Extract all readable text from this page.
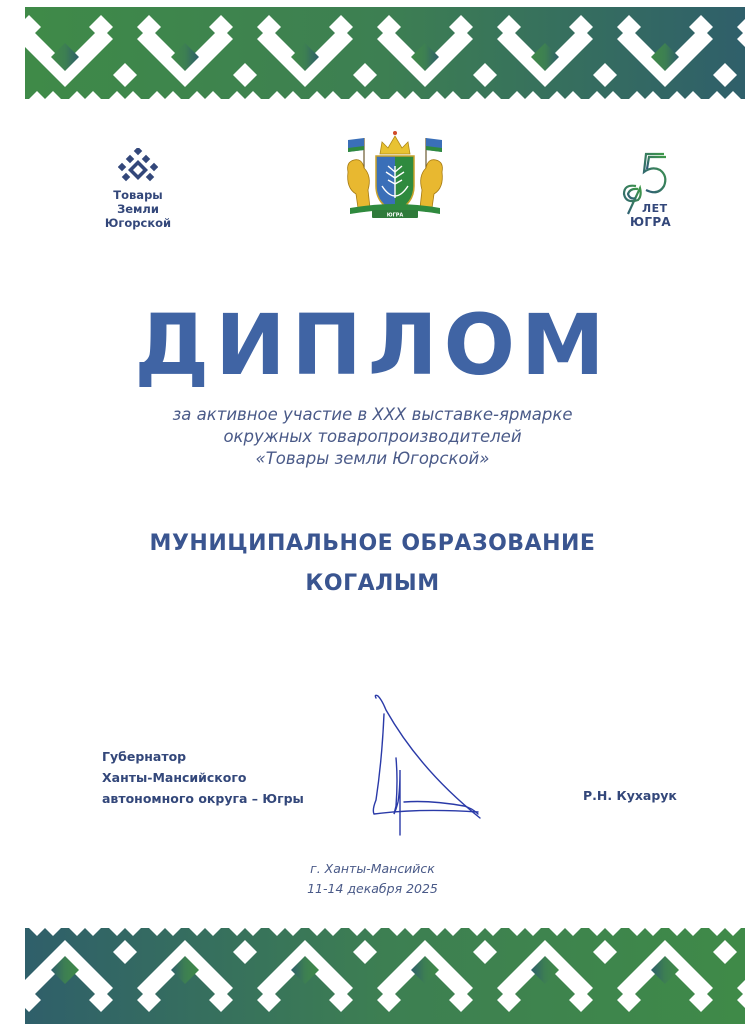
Товары
Земли
Югорской
ЮГРА
ЛЕТ
ЮГРА
ДИПЛОМ
за активное участие в XXX выставке-ярмарке
окружных товаропроизводителей
«Товары земли Югорской»
МУНИЦИПАЛЬНОЕ ОБРАЗОВАНИЕ
КОГАЛЫМ
Губернатор
Ханты-Мансийского
автономного округа – Югры	Р.Н. Кухарук
г. Ханты-Мансийск
11-14 декабря 2025
